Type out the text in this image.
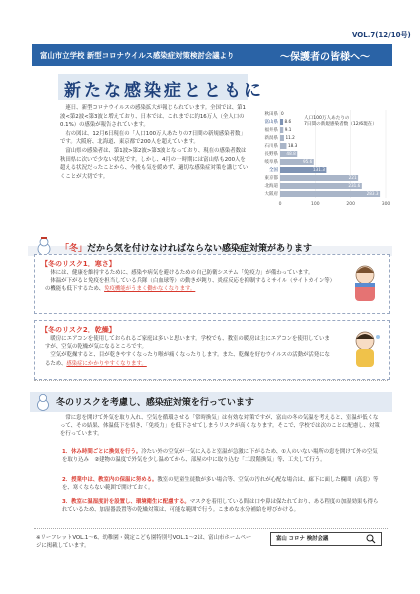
VOL.7(12/10号)
富山市立学校 新型コロナウイルス感染症対策検討会議より	〜保護者の皆様へ〜
新たな感染症とともに

連日、新型コロナウイルスの感染拡大が報じられています。全国では、第1波<第2波<第3波と増えており、日本では、これまでに約16万人（全人口の0.1%）の感染が報告されています。

右の図は、12月6日現在の「人口100万人あたりの7日間の新規感染者数」です。大阪府、北海道、東京都で200人を超えています。

富山県の感染者は、第1波>第2波>第3波となっており、現在の感染者数は秋田県に次いで少ない状況です。しかし、4月の一時期には富山県も200人を超える状況だったことから、今後も気を緩めず、適切な感染症対策を講じていくことが大切です。

0	100	200	300
人口100万人あたりの
7日間の新規感染者数（12/6現在）
秋田県 0
富山県 8.6
福井県 9.1
新潟県 11.2
石川県 18.3
長野県 48.8
岐阜県	95.6
全国	131.3
東京都	221
北海道	231.6
大阪府	283.3
「冬」だから気を付けなければならない感染症対策があります
【冬のリスク1．寒さ】

体には、健康を維持するために、感染や病気を避けるための自己防衛システム「免疫力」が備わっています。

体温が下がると免疫を担当している兵隊（白血球等）の動きが鈍り、炎症反応を抑制するミサイル（サイトカイン等）の機能も低下するため、免疫機能がうまく働かなくなります。

【冬のリスク2．乾燥】

暖房にエアコンを使用しておられるご家庭は多いと思います。学校でも、教室の暖房は主にエアコンを使用していますが、空気の乾燥が気になるところです。

空気が乾燥すると、目が乾きやすくなったり喉が痛くなったりします。また、乾燥を好むウイルスの活動が活発になるため、感染症にかかりやすくなります。

冬のリスクを考慮し、感染症対策を行っています

常に窓を開けて外気を取り入れ、空気を循環させる「常時換気」は有効な対策ですが、富山の冬の気温を考えると、室温が低くなって、その結果、体温低下を招き、「免疫力」を低下させてしまうリスクが高くなります。そこで、学校では次のことに配慮し、対策を行っています。

1．休み時間ごとに換気を行う。冷たい外の空気が一気に入ると室温が急激に下がるため、①人のいない場所の窓を開けて外の空気を取り込み　②建物の温度で外気を少し温めてから、部屋の中に取り込む「二段階換気」等、工夫して行う。
2．授業中は、教室内の保温に努める。教室の児童生徒数が多い場合等、空気の汚れが心配な場合は、廊下に面した欄間（高窓）等を、寒くならない範囲で開けておく。
3．教室に温湿度計を設置し、環境衛生に配慮する。マスクを着用している間は口や鼻は保たれており、ある程度の加湿効果も得られているため、加湿器設置等の乾燥対策は、可能な範囲で行う。こまめな水分補給を呼びかける。
※リーフレットVOL.1〜6、幼稚園・競定こども園特別号VOL.1〜2は、富山市ホームページに掲載しています。
富山 コロナ 検討会議
